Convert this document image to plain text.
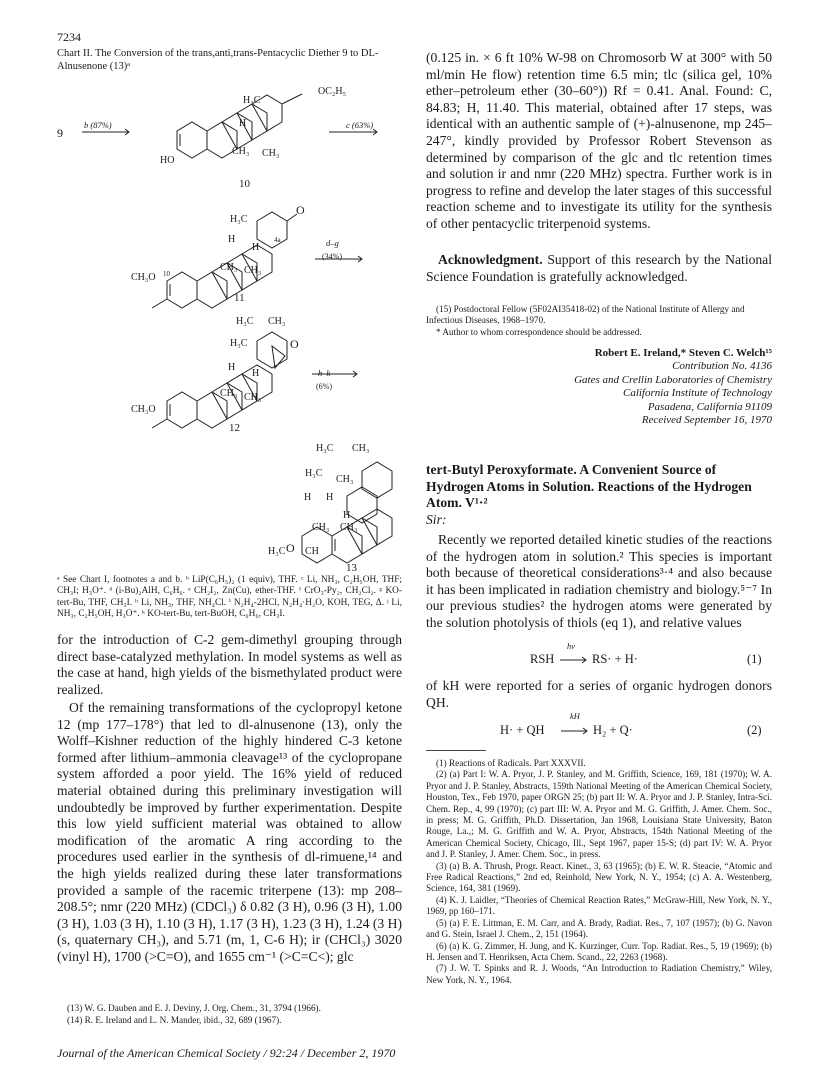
7234
Chart II. The Conversion of the trans,anti,trans-Pentacyclic Diether 9 to DL-Alnusenone (13)ᵃ
9
b (87%)
OC₂H₅
H₃C
H
CH₃ CH₃
HO
c (63%)
10
O
H₃C
H
H
4a
CH₃ CH₃
CH₃O 10
d–g
(34%)
11
H₃C CH₃
O
H₃C
H
H
CH₃ CH₃
CH₃O
h–k
(6%)
12
H₃C CH₃
H₃C
CH₃
H H
H
CH₃ CH₃
O
H₃C CH
13
ᵃ See Chart I, footnotes a and b. ᵇ LiP(C₆H₅)₂ (1 equiv), THF. ᶜ Li, NH₃, C₂H₅OH, THF; CH₃I; H₃O⁺. ᵈ (i-Bu)₂AlH, C₆H₆. ᵉ CH₂I₂, Zn(Cu), ether-THF. ᶠ CrO₃-Py₂, CH₂Cl₂. ᵍ KO-tert-Bu, THF, CH₃I. ʰ Li, NH₃, THF, NH₄Cl. ⁱ N₂H₄-2HCl, N₂H₄·H₂O, KOH, TEG, Δ. ʲ Li, NH₃, C₂H₅OH, H₃O⁺. ᵏ KO-tert-Bu, tert-BuOH, C₆H₆, CH₃I.
for the introduction of C-2 gem-dimethyl grouping through direct base-catalyzed methylation. In model systems as well as the case at hand, high yields of the bismethylated product were realized.
Of the remaining transformations of the cyclopropyl ketone 12 (mp 177–178°) that led to dl-alnusenone (13), only the Wolff–Kishner reduction of the highly hindered C-3 ketone formed after lithium–ammonia cleavage¹³ of the cyclopropane system afforded a poor yield. The 16% yield of reduced material obtained during this preliminary investigation will undoubtedly be improved by further experimentation. Despite this low yield sufficient material was obtained to allow modification of the aromatic A ring according to the procedures used earlier in the synthesis of dl-rimuene,¹⁴ and the high yields realized during these later transformations provided a sample of the racemic triterpene (13): mp 208–208.5°; nmr (220 MHz) (CDCl₃) δ 0.82 (3 H), 0.96 (3 H), 1.00 (3 H), 1.03 (3 H), 1.10 (3 H), 1.17 (3 H), 1.23 (3 H), 1.24 (3 H) (s, quaternary CH₃), and 5.71 (m, 1, C-6 H); ir (CHCl₃) 3020 (vinyl H), 1700 (>C=O), and 1655 cm⁻¹ (>C=C<); glc
(13) W. G. Dauben and E. J. Deviny, J. Org. Chem., 31, 3794 (1966).
(14) R. E. Ireland and L. N. Mander, ibid., 32, 689 (1967).
(0.125 in. × 6 ft 10% W-98 on Chromosorb W at 300° with 50 ml/min He flow) retention time 6.5 min; tlc (silica gel, 10% ether–petroleum ether (30–60°)) Rf = 0.41. Anal. Found: C, 84.83; H, 11.40. This material, obtained after 17 steps, was identical with an authentic sample of (+)-alnusenone, mp 245–247°, kindly provided by Professor Robert Stevenson as determined by comparison of the glc and tlc retention times and solution ir and nmr (220 MHz) spectra. Further work is in progress to refine and develop the later stages of this successful reaction scheme and to investigate its utility for the synthesis of other pentacyclic triterpenoid systems.
Acknowledgment. Support of this research by the National Science Foundation is gratefully acknowledged.
(15) Postdoctoral Fellow (5F02AI35418-02) of the National Institute of Allergy and Infectious Diseases, 1968–1970.
* Author to whom correspondence should be addressed.
Robert E. Ireland,* Steven C. Welch¹⁵
Contribution No. 4136
Gates and Crellin Laboratories of Chemistry
California Institute of Technology
Pasadena, California 91109
Received September 16, 1970
tert-Butyl Peroxyformate. A Convenient Source of Hydrogen Atoms in Solution. Reactions of the Hydrogen Atom. V¹·²
Sir:
Recently we reported detailed kinetic studies of the reactions of the hydrogen atom in solution.² This species is important both because of theoretical considerations³·⁴ and also because it has been implicated in radiation chemistry and biology.⁵⁻⁷ In our previous studies² the hydrogen atoms were generated by the solution photolysis of thiols (eq 1), and relative values
RSH
hν
RS· + H·	(1)
of kH were reported for a series of organic hydrogen donors QH.
H· + QH
kH
H₂ + Q·	(2)
(1) Reactions of Radicals. Part XXXVII.
(2) (a) Part I: W. A. Pryor, J. P. Stanley, and M. Griffith, Science, 169, 181 (1970); W. A. Pryor and J. P. Stanley, Abstracts, 159th National Meeting of the American Chemical Society, Houston, Tex., Feb 1970, paper ORGN 25; (b) part II: W. A. Pryor and J. P. Stanley, Intra-Sci. Chem. Rep., 4, 99 (1970); (c) part III: W. A. Pryor and M. G. Griffith, J. Amer. Chem. Soc., in press; M. G. Griffith, Ph.D. Dissertation, Jan 1968, Louisiana State University, Baton Rouge, La.,; M. G. Griffith and W. A. Pryor, Abstracts, 154th National Meeting of the American Chemical Society, Chicago, Ill., Sept 1967, paper 15-S; (d) part IV: W. A. Pryor and J. P. Stanley, J. Amer. Chem. Soc., in press.
(3) (a) B. A. Thrush, Progr. React. Kinet., 3, 63 (1965); (b) E. W. R. Steacie, “Atomic and Free Radical Reactions,” 2nd ed, Reinhold, New York, N. Y., 1954; (c) A. A. Westenberg, Science, 164, 381 (1969).
(4) K. J. Laidler, “Theories of Chemical Reaction Rates,” McGraw-Hill, New York, N. Y., 1969, pp 160–171.
(5) (a) F. E. Littman, E. M. Carr, and A. Brady, Radiat. Res., 7, 107 (1957); (b) G. Navon and G. Stein, Israel J. Chem., 2, 151 (1964).
(6) (a) K. G. Zimmer, H. Jung, and K. Kurzinger, Curr. Top. Radiat. Res., 5, 19 (1969); (b) H. Jensen and T. Henriksen, Acta Chem. Scand., 22, 2263 (1968).
(7) J. W. T. Spinks and R. J. Woods, “An Introduction to Radiation Chemistry,” Wiley, New York, N. Y., 1964.
Journal of the American Chemical Society / 92:24 / December 2, 1970
